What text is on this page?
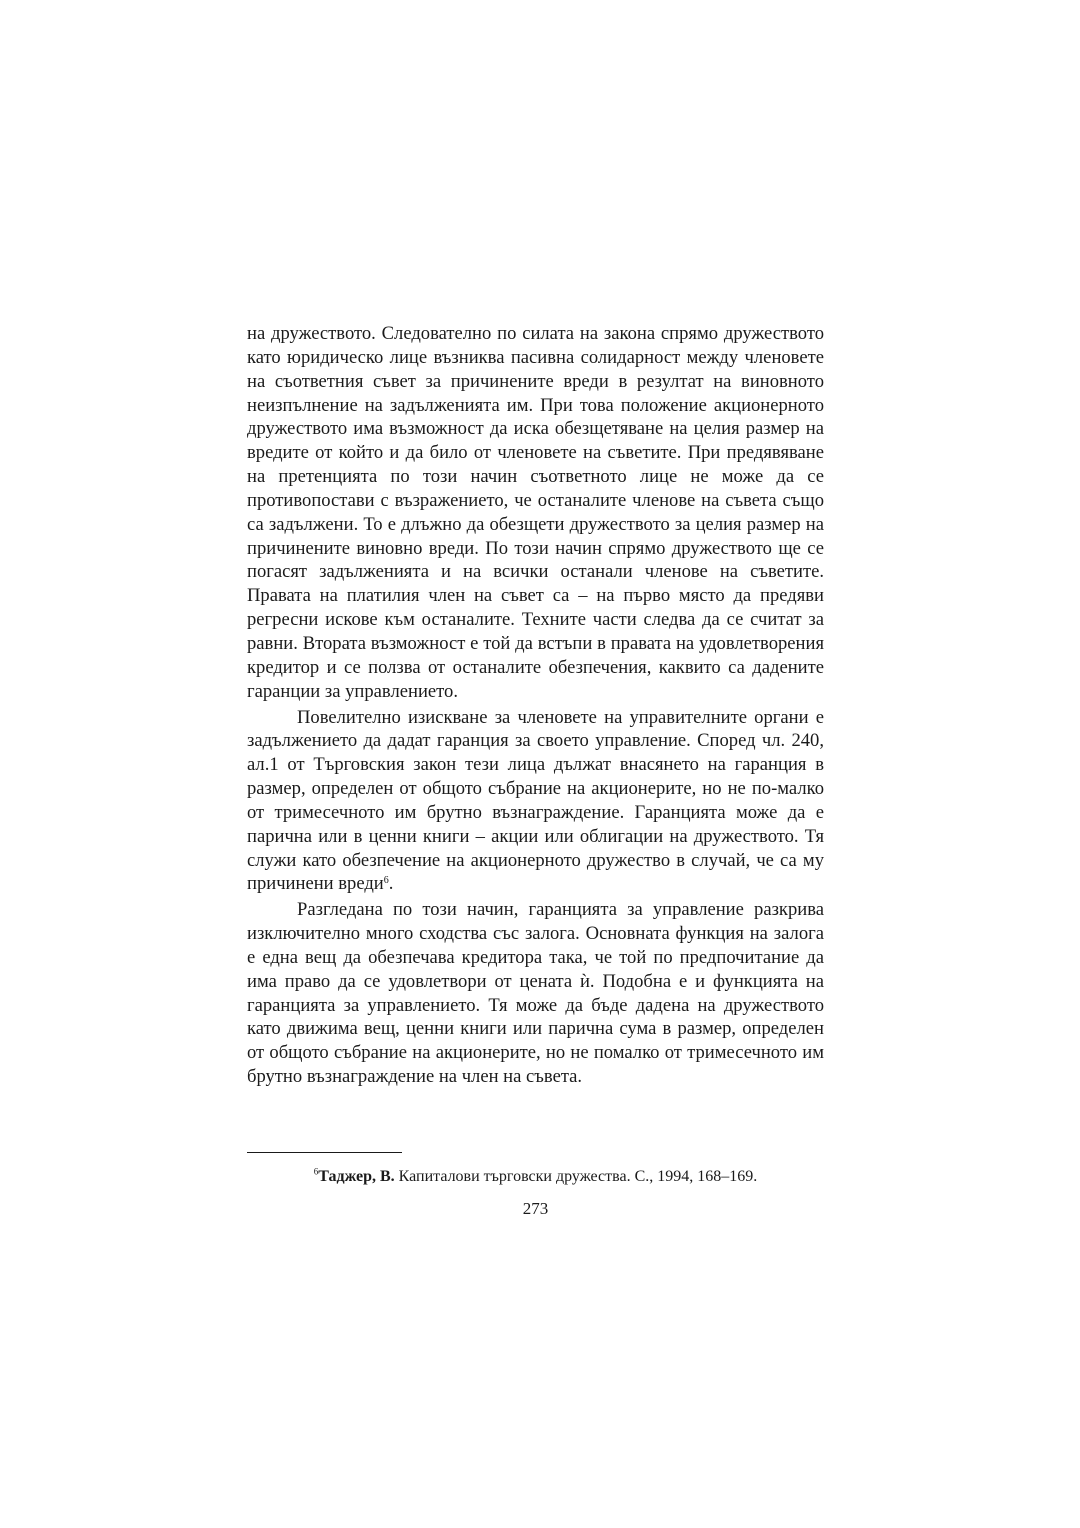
на дружеството. Следователно по силата на закона спрямо дружеството като юридическо лице възниква пасивна солидарност между членовете на съответния съвет за причинените вреди в резултат на виновното неизпълнение на задълженията им. При това положение акционерното дружеството има възможност да иска обезщетяване на целия размер на вредите от който и да било от членовете на съветите. При предявяване на претенцията по този начин съответното лице не може да се противопостави с възражението, че останалите членове на съвета също са задължени. То е длъжно да обезщети дружеството за целия размер на причинените виновно вреди. По този начин спрямо дружеството ще се погасят задълженията и на всички останали членове на съветите. Правата на платилия член на съвет са – на първо място да предяви регресни искове към останалите. Техните части следва да се считат за равни. Втората възможност е той да встъпи в правата на удовлетворения кредитор и се ползва от останалите обезпечения, каквито са дадените гаранции за управлението.

Повелително изискване за членовете на управителните органи е задължението да дадат гаранция за своето управление. Според чл. 240, ал.1 от Търговския закон тези лица дължат внасянето на гаранция в размер, определен от общото събрание на акционерите, но не по-малко от тримесечното им брутно възнаграждение. Гаранцията може да е парична или в ценни книги – акции или облигации на дружеството. Тя служи като обезпечение на акционерното дружество в случай, че са му причинени вреди$^6$.

Разгледана по този начин, гаранцията за управление разкрива изключително много сходства със залога. Основната функция на залога е една вещ да обезпечава кредитора така, че той по предпочитание да има право да се удовлетвори от цената ѝ. Подобна е и функцията на гаранцията за управлението. Тя може да бъде дадена на дружеството като движима вещ, ценни книги или парична сума в размер, определен от общото събрание на акционерите, но не помалко от тримесечното им брутно възнаграждение на член на съвета.

$^6$Таджер, В. Капиталови търговски дружества. С., 1994, 168–169.
273
